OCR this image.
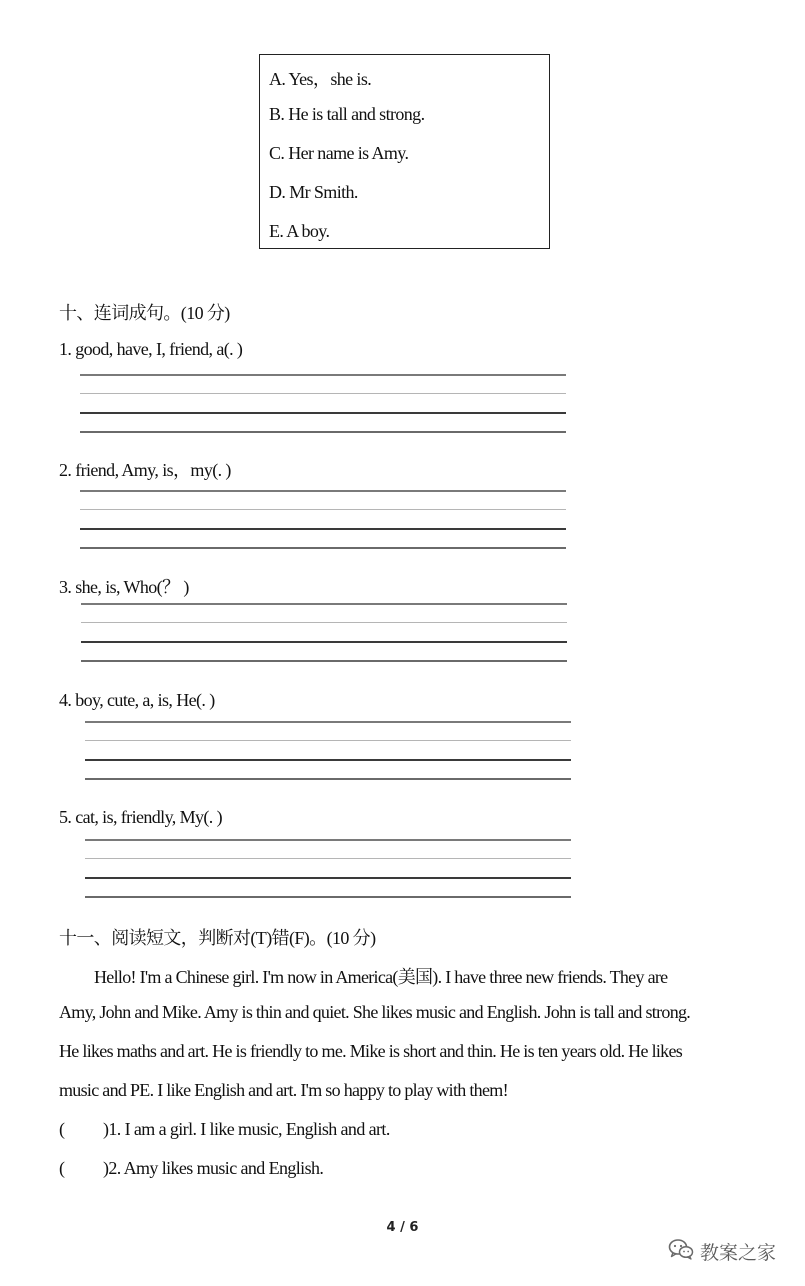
A. Yes，she is.
B. He is tall and strong.
C. Her name is Amy.
D. Mr Smith.
E. A boy.
十、连词成句。(10 分)
1. good, have, I, friend, a(. )
2. friend, Amy, is，my(. )
3. she, is, Who(？ )
4. boy, cute, a, is, He(. )
5. cat, is, friendly, My(. )
十一、阅读短文，判断对(T)错(F)。(10 分)
Hello! I'm a Chinese girl. I'm now in America(美国). I have three new friends. They are
Amy, John and Mike. Amy is thin and quiet. She likes music and English. John is tall and strong.
He likes maths and art. He is friendly to me. Mike is short and thin. He is ten years old. He likes
music and PE. I like English and art. I'm so happy to play with them!
( )1. I am a girl. I like music, English and art.
( )2. Amy likes music and English.
4 / 6
教案之家
